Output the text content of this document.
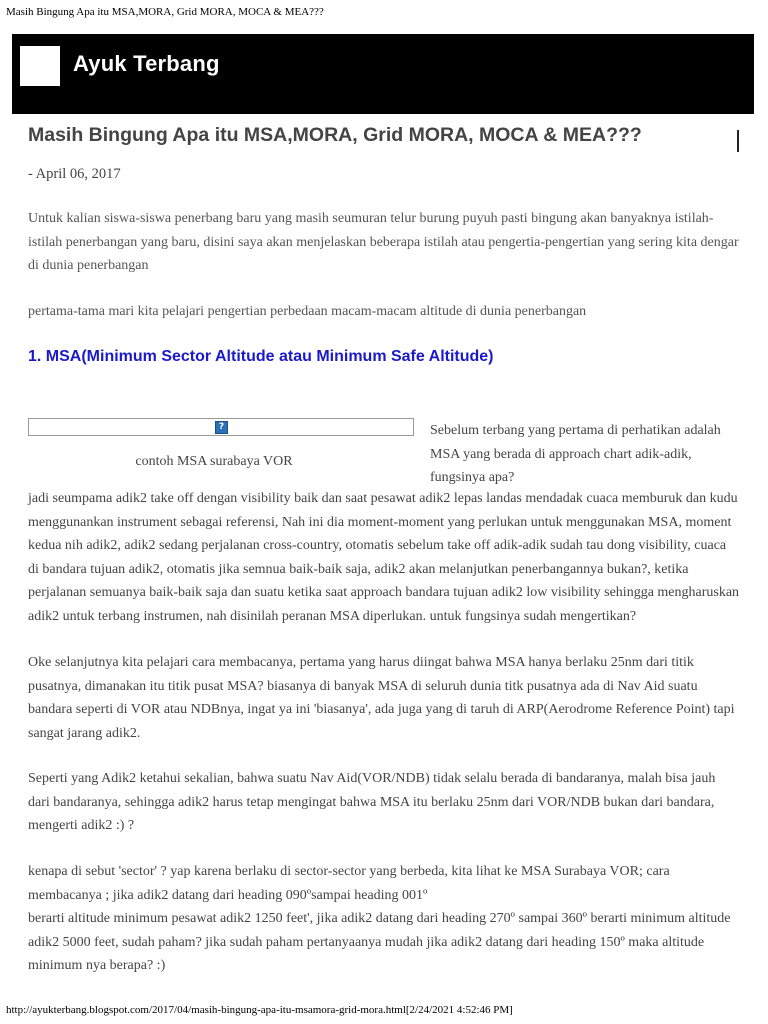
Masih Bingung Apa itu MSA,MORA, Grid MORA, MOCA & MEA???
Ayuk Terbang
Masih Bingung Apa itu MSA,MORA, Grid MORA, MOCA & MEA???
- April 06, 2017
Untuk kalian siswa-siswa penerbang baru yang masih seumuran telur burung puyuh pasti bingung akan banyaknya istilah-istilah penerbangan yang baru, disini saya akan menjelaskan beberapa istilah atau pengertia-pengertian yang sering kita dengar di dunia penerbangan
pertama-tama mari kita pelajari pengertian perbedaan macam-macam altitude di dunia penerbangan
1. MSA(Minimum Sector Altitude atau Minimum Safe Altitude)
?
contoh MSA surabaya VOR
Sebelum terbang yang pertama di perhatikan adalah MSA yang berada di approach chart adik-adik, fungsinya apa?
jadi seumpama adik2 take off dengan visibility baik dan saat pesawat adik2 lepas landas mendadak cuaca memburuk dan kudu menggunankan instrument sebagai referensi, Nah ini dia moment-moment yang perlukan untuk menggunakan MSA, moment kedua nih adik2, adik2 sedang perjalanan cross-country, otomatis sebelum take off adik-adik sudah tau dong visibility, cuaca di bandara tujuan adik2, otomatis jika semnua baik-baik saja, adik2 akan melanjutkan penerbangannya bukan?, ketika perjalanan semuanya baik-baik saja dan suatu ketika saat approach bandara tujuan adik2 low visibility sehingga mengharuskan adik2 untuk terbang instrumen, nah disinilah peranan MSA diperlukan. untuk fungsinya sudah mengertikan?
Oke selanjutnya kita pelajari cara membacanya, pertama yang harus diingat bahwa MSA hanya berlaku 25nm dari titik pusatnya, dimanakan itu titik pusat MSA? biasanya di banyak MSA di seluruh dunia titk pusatnya ada di Nav Aid suatu bandara seperti di VOR atau NDBnya, ingat ya ini 'biasanya', ada juga yang di taruh di ARP(Aerodrome Reference Point) tapi sangat jarang adik2.
Seperti yang Adik2 ketahui sekalian, bahwa suatu Nav Aid(VOR/NDB) tidak selalu berada di bandaranya, malah bisa jauh dari bandaranya, sehingga adik2 harus tetap mengingat bahwa MSA itu berlaku 25nm dari VOR/NDB bukan dari bandara, mengerti adik2 :) ?
kenapa di sebut 'sector' ? yap karena berlaku di sector-sector yang berbeda, kita lihat ke MSA Surabaya VOR; cara membacanya ; jika adik2 datang dari heading 090ºsampai heading 001º
berarti altitude minimum pesawat adik2 1250 feet', jika adik2 datang dari heading 270º sampai 360º berarti minimum altitude adik2 5000 feet, sudah paham? jika sudah paham pertanyaanya mudah jika adik2 datang dari heading 150º maka altitude minimum nya berapa? :)
http://ayukterbang.blogspot.com/2017/04/masih-bingung-apa-itu-msamora-grid-mora.html[2/24/2021 4:52:46 PM]
